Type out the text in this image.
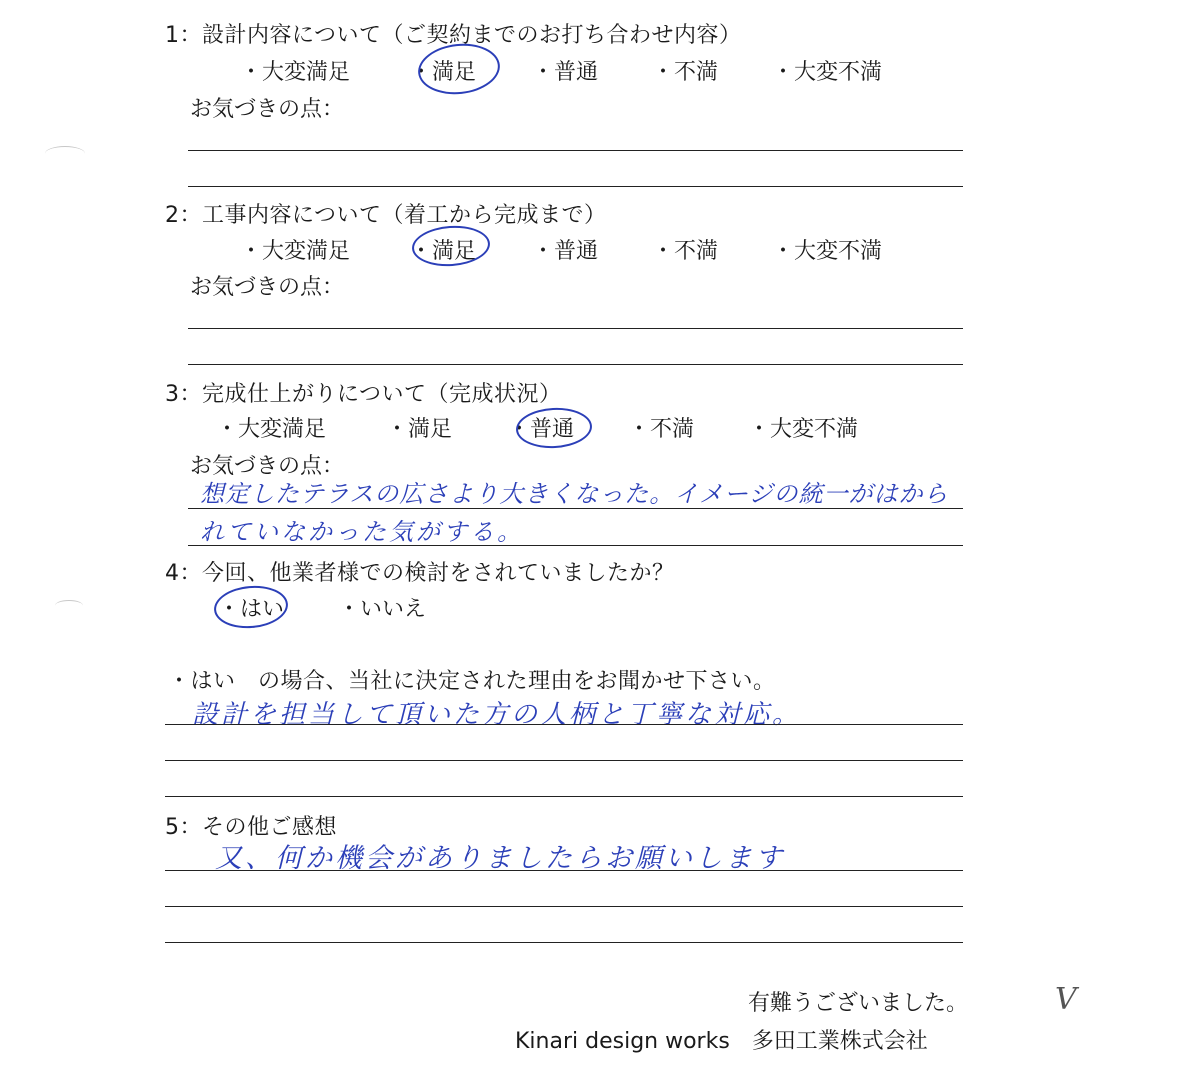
1：設計内容について（ご契約までのお打ち合わせ内容）
・大変満足	・満足	・普通 ・不満 ・大変不満
お気づきの点：
2：工事内容について（着工から完成まで）
・大変満足	・満足	・普通 ・不満 ・大変不満
お気づきの点：
3：完成仕上がりについて（完成状況）
・大変満足	・満足	・普通 ・不満 ・大変不満
お気づきの点：
想定したテラスの広さより大きくなった。イメージの統一がはから
れていなかった気がする。
4：今回、他業者様での検討をされていましたか？
・はい ・いいえ
・はい　の場合、当社に決定された理由をお聞かせ下さい。
設計を担当して頂いた方の人柄と丁寧な対応。
5：その他ご感想
又、何か機会がありましたらお願いします
有難うございました。	V
Kinari design works　多田工業株式会社
